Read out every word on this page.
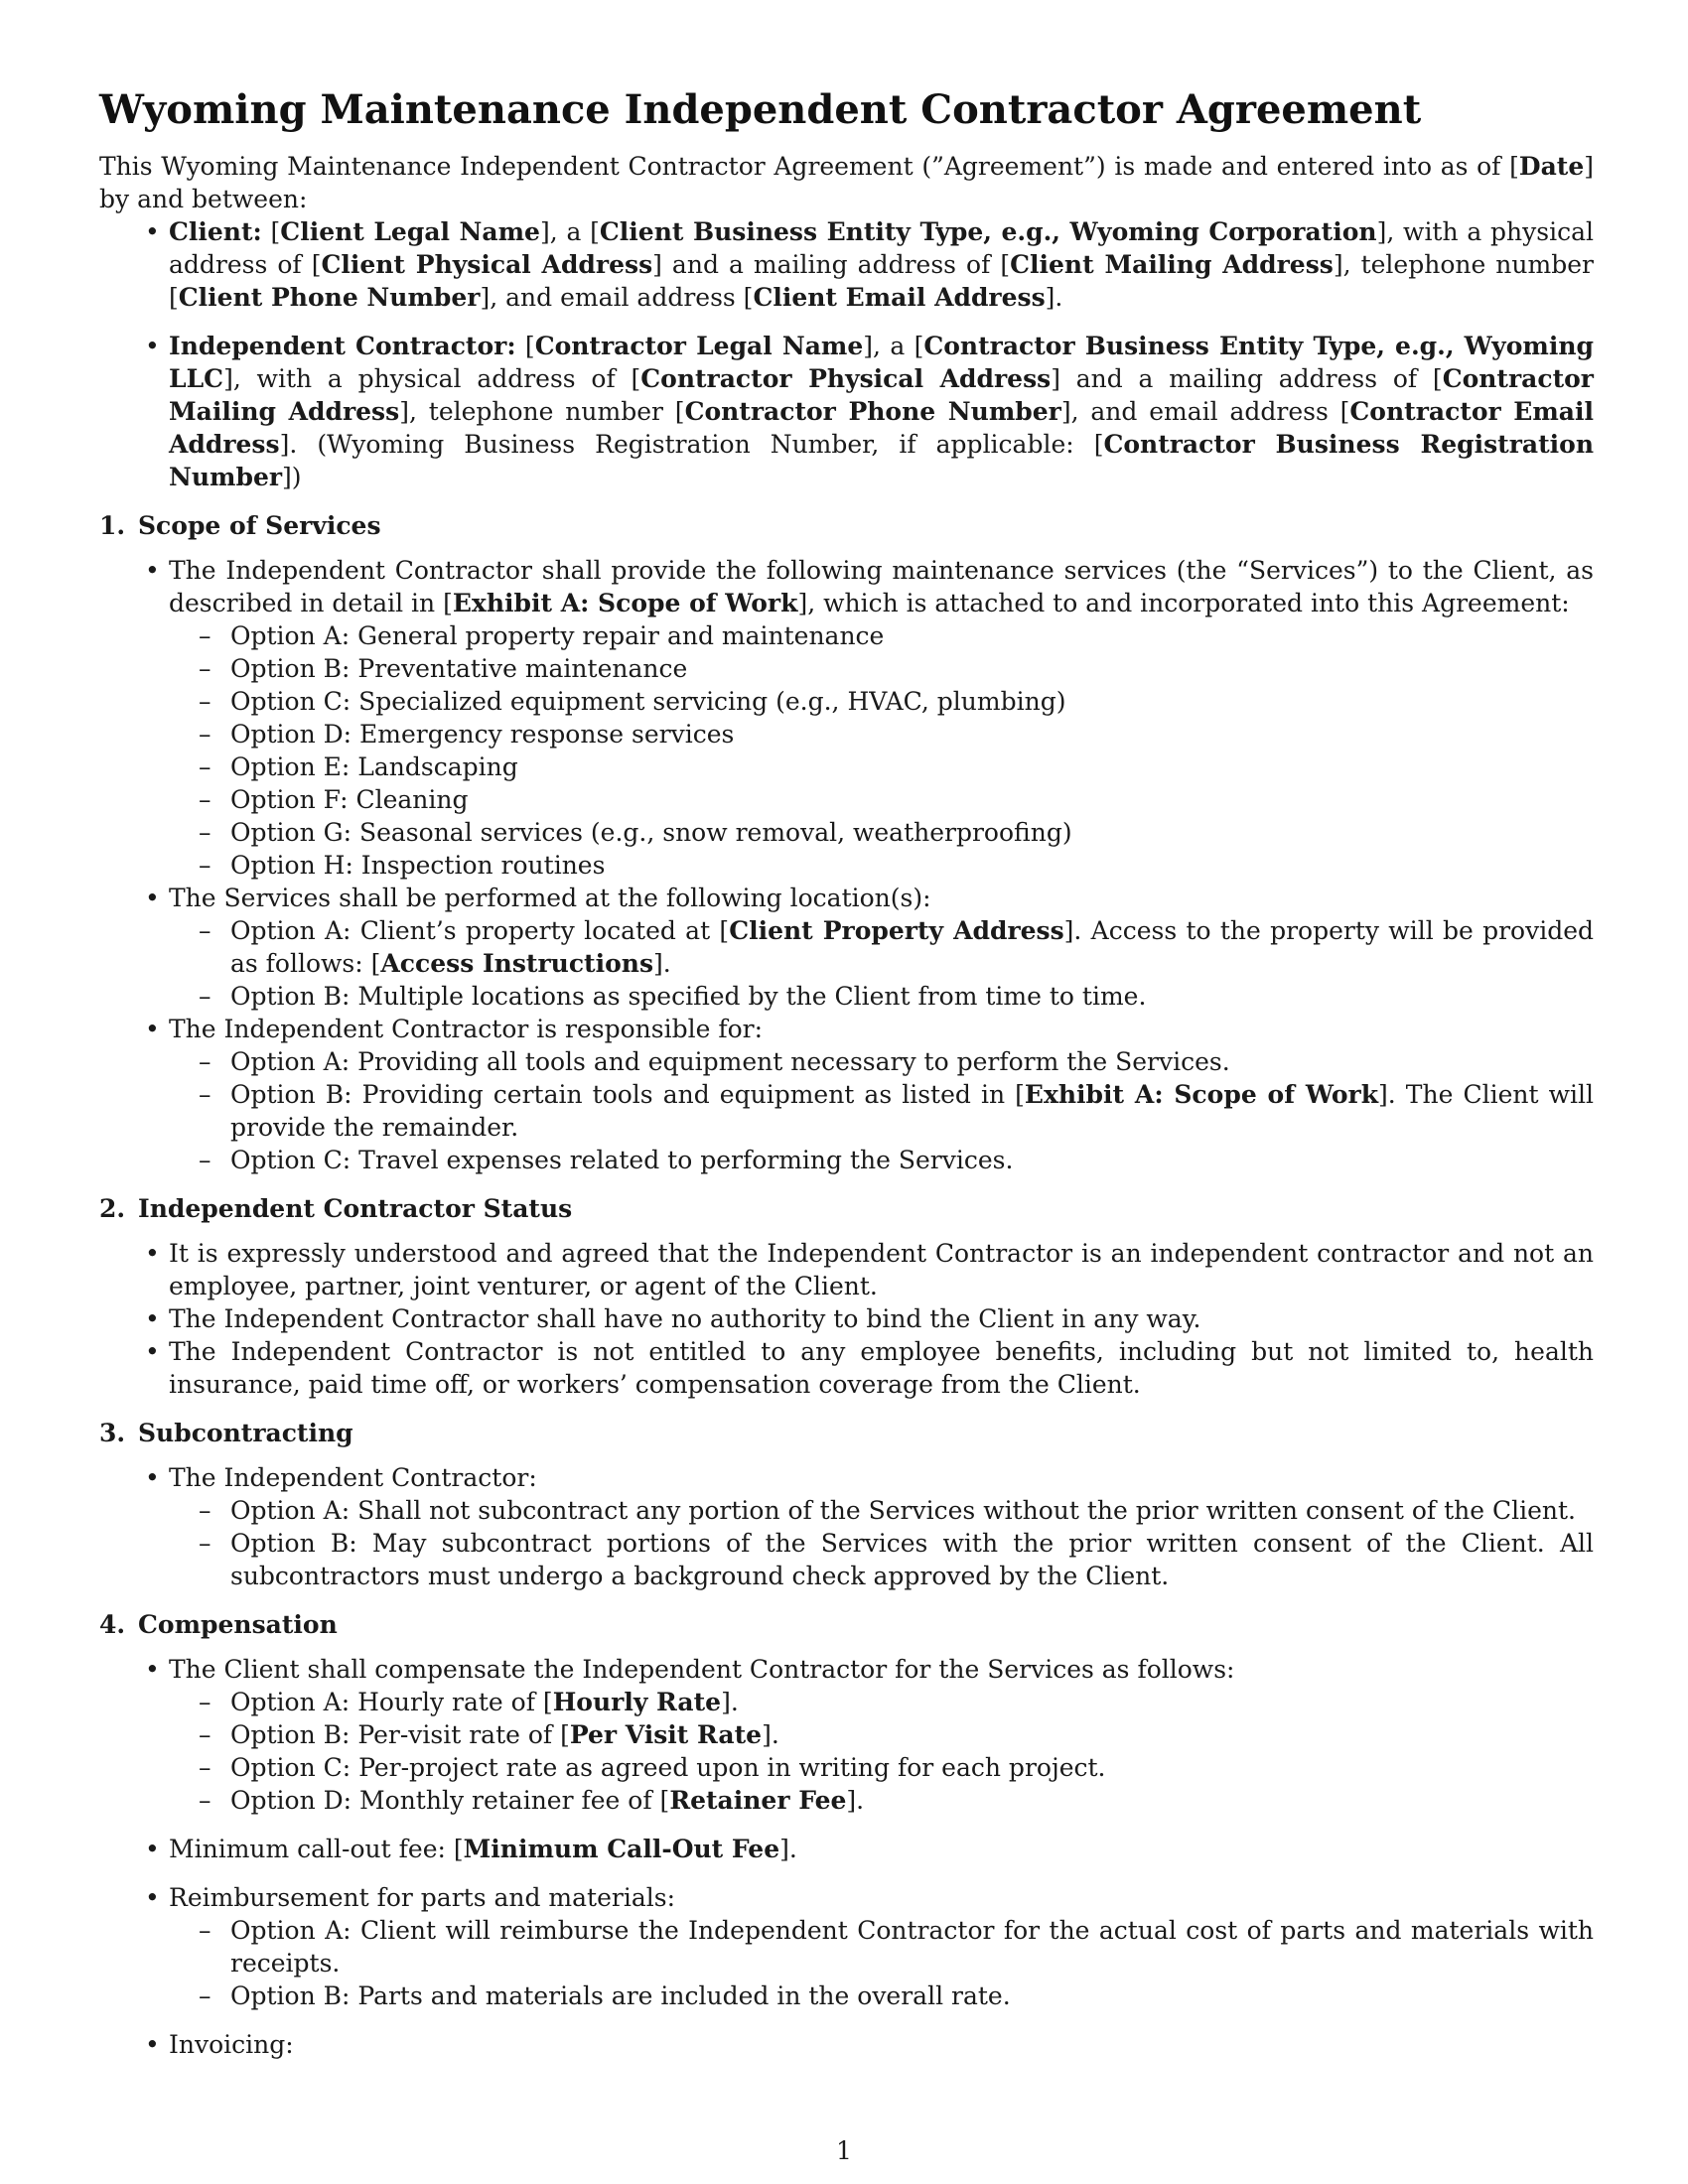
Wyoming Maintenance Independent Contractor Agreement

This Wyoming Maintenance Independent Contractor Agreement (”Agreement”) is made and entered into as of [Date] by and between:

• Client: [Client Legal Name], a [Client Business Entity Type, e.g., Wyoming Corporation], with a physical address of [Client Physical Address] and a mailing address of [Client Mailing Address], telephone number [Client Phone Number], and email address [Client Email Address].
• Independent Contractor: [Contractor Legal Name], a [Contractor Business Entity Type, e.g., Wyoming LLC], with a physical address of [Contractor Physical Address] and a mailing address of [Contractor Mailing Address], telephone number [Contractor Phone Number], and email address [Contractor Email Address]. (Wyoming Business Registration Number, if applicable: [Contractor Business Registration Number])
1. Scope of Services
• The Independent Contractor shall provide the following maintenance services (the “Services”) to the Client, as described in detail in [Exhibit A: Scope of Work], which is attached to and incorporated into this Agreement:
– Option A: General property repair and maintenance
– Option B: Preventative maintenance
– Option C: Specialized equipment servicing (e.g., HVAC, plumbing)
– Option D: Emergency response services
– Option E: Landscaping
– Option F: Cleaning
– Option G: Seasonal services (e.g., snow removal, weatherproofing)
– Option H: Inspection routines
• The Services shall be performed at the following location(s):
– Option A: Client’s property located at [Client Property Address]. Access to the property will be provided as follows: [Access Instructions].
– Option B: Multiple locations as specified by the Client from time to time.
• The Independent Contractor is responsible for:
– Option A: Providing all tools and equipment necessary to perform the Services.
– Option B: Providing certain tools and equipment as listed in [Exhibit A: Scope of Work]. The Client will provide the remainder.
– Option C: Travel expenses related to performing the Services.
2. Independent Contractor Status
• It is expressly understood and agreed that the Independent Contractor is an independent contractor and not an employee, partner, joint venturer, or agent of the Client.
• The Independent Contractor shall have no authority to bind the Client in any way.
• The Independent Contractor is not entitled to any employee benefits, including but not limited to, health insurance, paid time off, or workers’ compensation coverage from the Client.
3. Subcontracting
• The Independent Contractor:
– Option A: Shall not subcontract any portion of the Services without the prior written consent of the Client.
– Option B: May subcontract portions of the Services with the prior written consent of the Client. All subcontractors must undergo a background check approved by the Client.
4. Compensation
• The Client shall compensate the Independent Contractor for the Services as follows:
– Option A: Hourly rate of [Hourly Rate].
– Option B: Per-visit rate of [Per Visit Rate].
– Option C: Per-project rate as agreed upon in writing for each project.
– Option D: Monthly retainer fee of [Retainer Fee].
• Minimum call-out fee: [Minimum Call-Out Fee].
• Reimbursement for parts and materials:
– Option A: Client will reimburse the Independent Contractor for the actual cost of parts and materials with receipts.
– Option B: Parts and materials are included in the overall rate.
• Invoicing:
1
